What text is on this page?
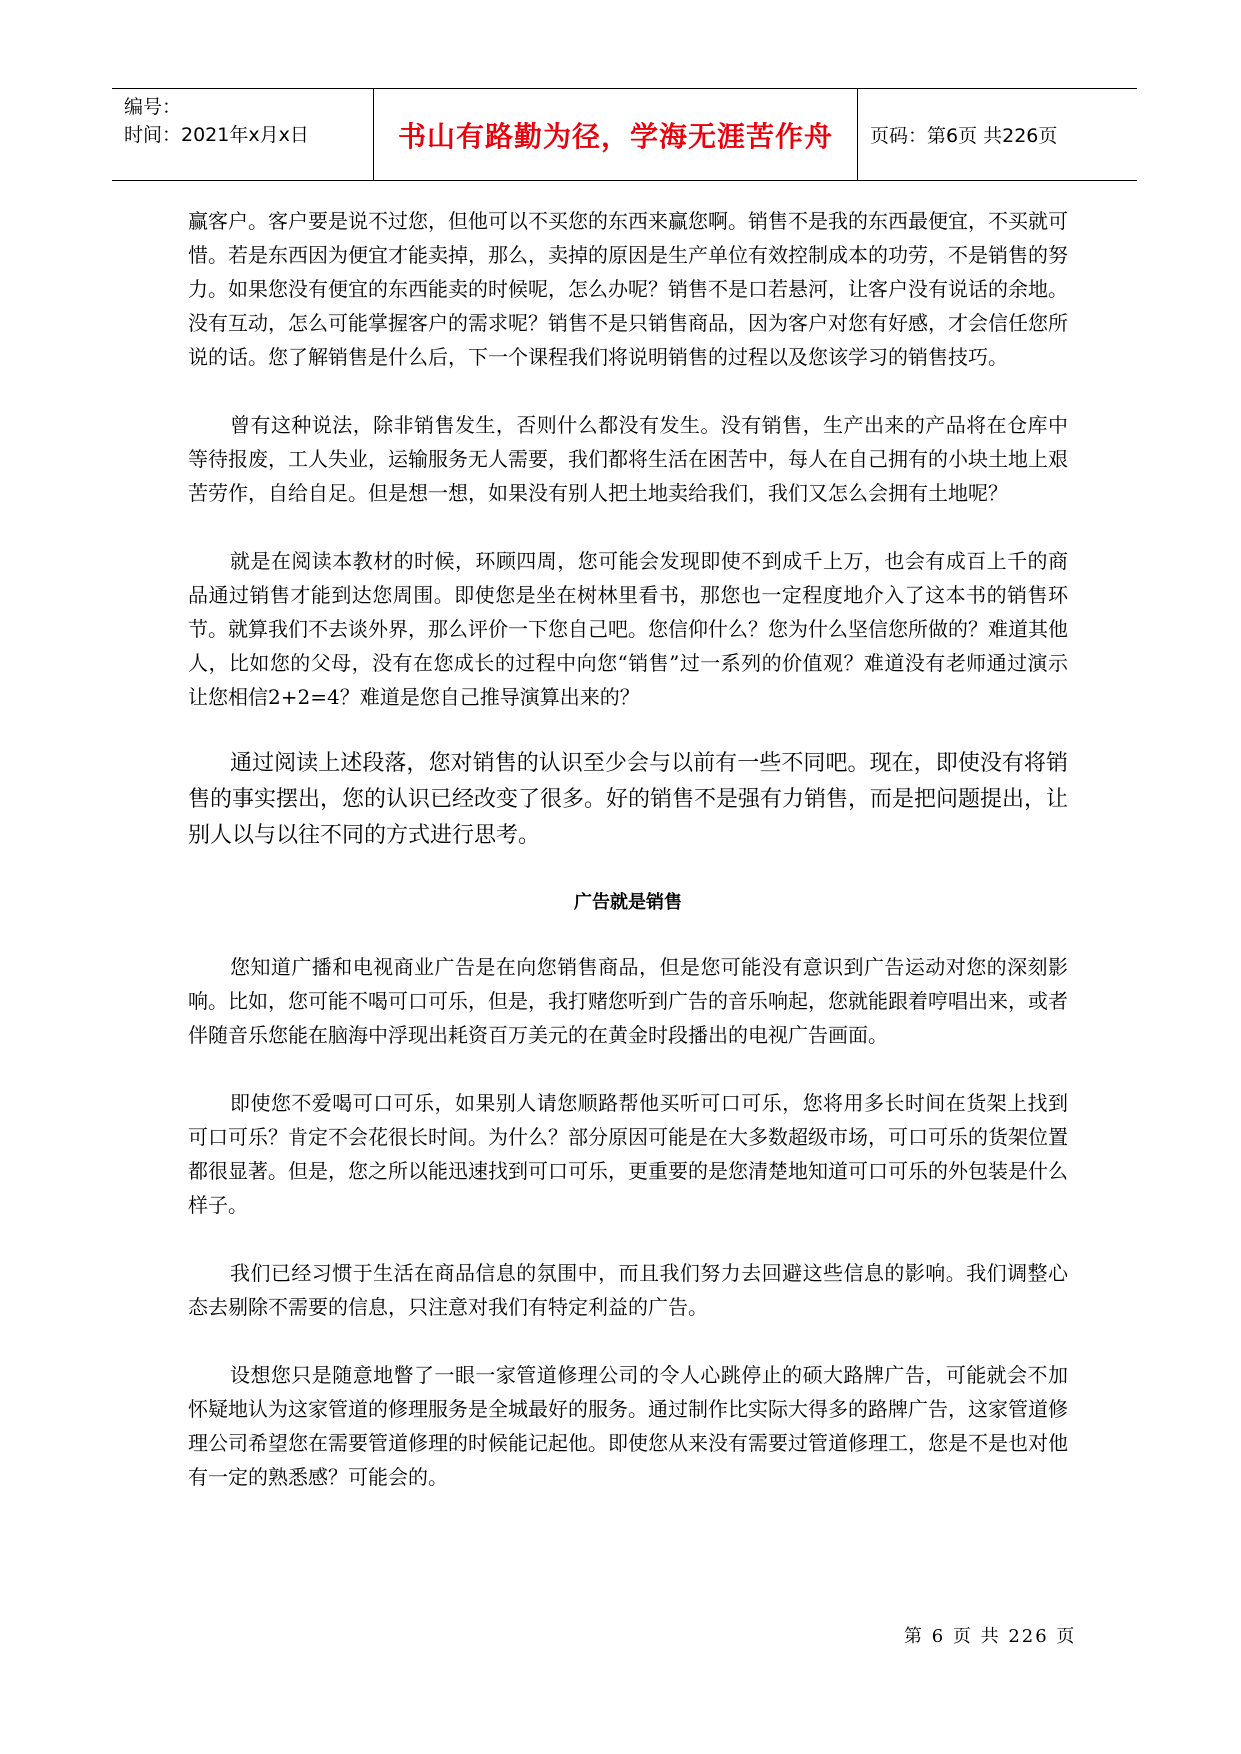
编号：
时间：2021年x月x日	书山有路勤为径，学海无涯苦作舟 页码：第6页 共226页

赢客户。客户要是说不过您，但他可以不买您的东西来赢您啊。销售不是我的东西最便宜，不买就可惜。若是东西因为便宜才能卖掉，那么，卖掉的原因是生产单位有效控制成本的功劳，不是销售的努力。如果您没有便宜的东西能卖的时候呢，怎么办呢？销售不是口若悬河，让客户没有说话的余地。没有互动，怎么可能掌握客户的需求呢？销售不是只销售商品，因为客户对您有好感，才会信任您所说的话。您了解销售是什么后，下一个课程我们将说明销售的过程以及您该学习的销售技巧。

曾有这种说法，除非销售发生，否则什么都没有发生。没有销售，生产出来的产品将在仓库中等待报废，工人失业，运输服务无人需要，我们都将生活在困苦中，每人在自己拥有的小块土地上艰苦劳作，自给自足。但是想一想，如果没有别人把土地卖给我们，我们又怎么会拥有土地呢？

就是在阅读本教材的时候，环顾四周，您可能会发现即使不到成千上万，也会有成百上千的商品通过销售才能到达您周围。即使您是坐在树林里看书，那您也一定程度地介入了这本书的销售环节。就算我们不去谈外界，那么评价一下您自己吧。您信仰什么？您为什么坚信您所做的？难道其他人，比如您的父母，没有在您成长的过程中向您“销售”过一系列的价值观？难道没有老师通过演示让您相信2+2=4？难道是您自己推导演算出来的？

通过阅读上述段落，您对销售的认识至少会与以前有一些不同吧。现在，即使没有将销售的事实摆出，您的认识已经改变了很多。好的销售不是强有力销售，而是把问题提出，让别人以与以往不同的方式进行思考。

广告就是销售

您知道广播和电视商业广告是在向您销售商品，但是您可能没有意识到广告运动对您的深刻影响。比如，您可能不喝可口可乐，但是，我打赌您听到广告的音乐响起，您就能跟着哼唱出来，或者伴随音乐您能在脑海中浮现出耗资百万美元的在黄金时段播出的电视广告画面。

即使您不爱喝可口可乐，如果别人请您顺路帮他买听可口可乐，您将用多长时间在货架上找到可口可乐？肯定不会花很长时间。为什么？部分原因可能是在大多数超级市场，可口可乐的货架位置都很显著。但是，您之所以能迅速找到可口可乐，更重要的是您清楚地知道可口可乐的外包装是什么样子。

我们已经习惯于生活在商品信息的氛围中，而且我们努力去回避这些信息的影响。我们调整心态去剔除不需要的信息，只注意对我们有特定利益的广告。

设想您只是随意地瞥了一眼一家管道修理公司的令人心跳停止的硕大路牌广告，可能就会不加怀疑地认为这家管道的修理服务是全城最好的服务。通过制作比实际大得多的路牌广告，这家管道修理公司希望您在需要管道修理的时候能记起他。即使您从来没有需要过管道修理工，您是不是也对他有一定的熟悉感？可能会的。

第 6 页 共 226 页
